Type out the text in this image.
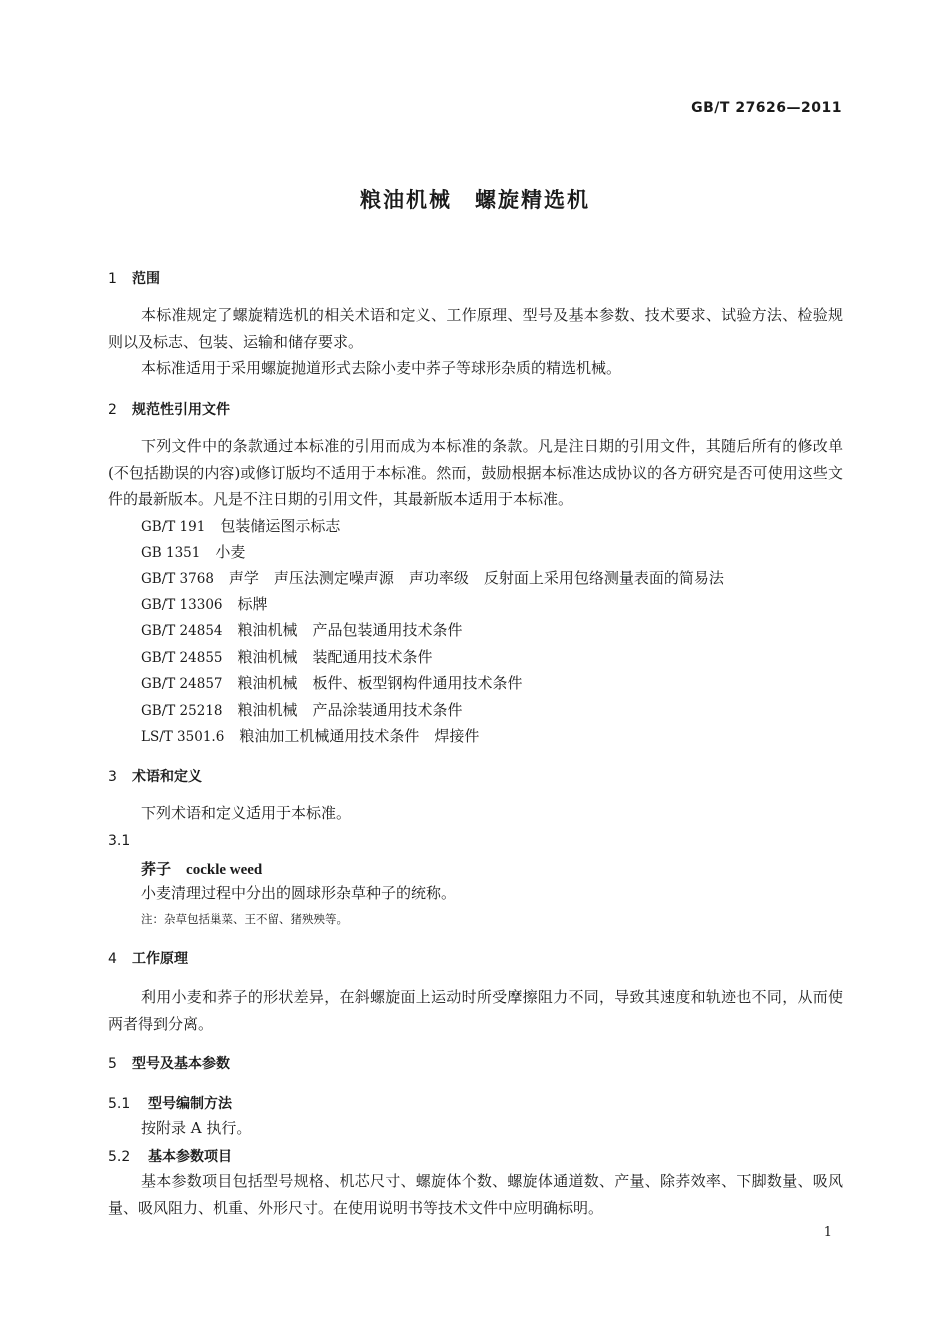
GB/T 27626—2011
粮油机械　螺旋精选机
1 范围
本标准规定了螺旋精选机的相关术语和定义、工作原理、型号及基本参数、技术要求、试验方法、检验规则以及标志、包装、运输和储存要求。
本标准适用于采用螺旋抛道形式去除小麦中荞子等球形杂质的精选机械。
2 规范性引用文件
下列文件中的条款通过本标准的引用而成为本标准的条款。凡是注日期的引用文件，其随后所有的修改单(不包括勘误的内容)或修订版均不适用于本标准。然而，鼓励根据本标准达成协议的各方研究是否可使用这些文件的最新版本。凡是不注日期的引用文件，其最新版本适用于本标准。
GB/T 191　 包装储运图示标志
GB 1351　 小麦
GB/T 3768　 声学　声压法测定噪声源　声功率级　反射面上采用包络测量表面的简易法
GB/T 13306　 标牌
GB/T 24854　 粮油机械　产品包装通用技术条件
GB/T 24855　 粮油机械　装配通用技术条件
GB/T 24857　 粮油机械　板件、板型钢构件通用技术条件
GB/T 25218　 粮油机械　产品涂装通用技术条件
LS/T 3501.6　 粮油加工机械通用技术条件　焊接件
3 术语和定义
下列术语和定义适用于本标准。
3.1
荞子　 cockle weed
小麦清理过程中分出的圆球形杂草种子的统称。
注：杂草包括巢菜、王不留、猪殃殃等。
4 工作原理
利用小麦和荞子的形状差异，在斜螺旋面上运动时所受摩擦阻力不同，导致其速度和轨迹也不同，从而使两者得到分离。
5 型号及基本参数
5.1 型号编制方法
按附录 A 执行。
5.2 基本参数项目
基本参数项目包括型号规格、机芯尺寸、螺旋体个数、螺旋体通道数、产量、除荞效率、下脚数量、吸风量、吸风阻力、机重、外形尺寸。在使用说明书等技术文件中应明确标明。
1
